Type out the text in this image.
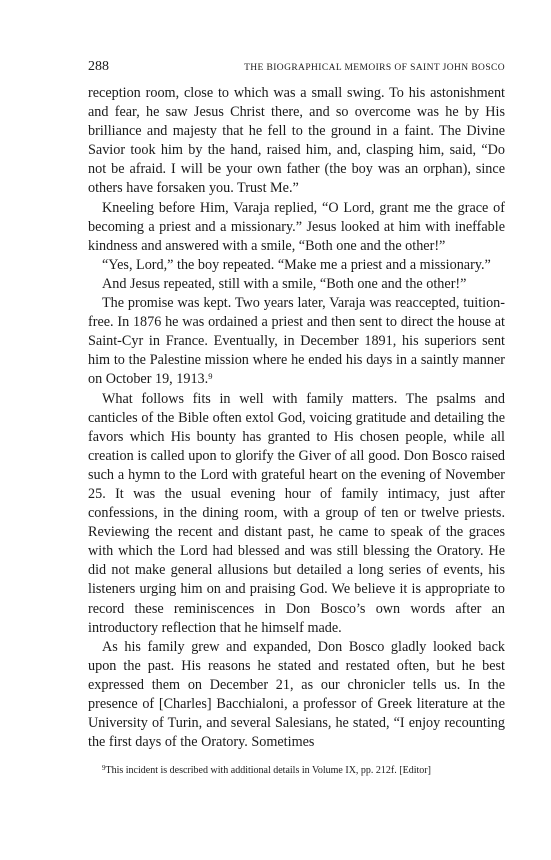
288	THE BIOGRAPHICAL MEMOIRS OF SAINT JOHN BOSCO

reception room, close to which was a small swing. To his astonishment and fear, he saw Jesus Christ there, and so overcome was he by His brilliance and majesty that he fell to the ground in a faint. The Divine Savior took him by the hand, raised him, and, clasping him, said, “Do not be afraid. I will be your own father (the boy was an orphan), since others have forsaken you. Trust Me.”

Kneeling before Him, Varaja replied, “O Lord, grant me the grace of becoming a priest and a missionary.” Jesus looked at him with ineffable kindness and answered with a smile, “Both one and the other!”

“Yes, Lord,” the boy repeated. “Make me a priest and a missionary.”

And Jesus repeated, still with a smile, “Both one and the other!”

The promise was kept. Two years later, Varaja was reaccepted, tuition-free. In 1876 he was ordained a priest and then sent to direct the house at Saint-Cyr in France. Eventually, in December 1891, his superiors sent him to the Palestine mission where he ended his days in a saintly manner on October 19, 1913.$^9$

What follows fits in well with family matters. The psalms and canticles of the Bible often extol God, voicing gratitude and detailing the favors which His bounty has granted to His chosen people, while all creation is called upon to glorify the Giver of all good. Don Bosco raised such a hymn to the Lord with grateful heart on the evening of November 25. It was the usual evening hour of family intimacy, just after confessions, in the dining room, with a group of ten or twelve priests. Reviewing the recent and distant past, he came to speak of the graces with which the Lord had blessed and was still blessing the Oratory. He did not make general allusions but detailed a long series of events, his listeners urging him on and praising God. We believe it is appropriate to record these reminiscences in Don Bosco’s own words after an introductory reflection that he himself made.

As his family grew and expanded, Don Bosco gladly looked back upon the past. His reasons he stated and restated often, but he best expressed them on December 21, as our chronicler tells us. In the presence of [Charles] Bacchialoni, a professor of Greek literature at the University of Turin, and several Salesians, he stated, “I enjoy recounting the first days of the Oratory. Sometimes

$^9$This incident is described with additional details in Volume IX, pp. 212f. [Editor]
